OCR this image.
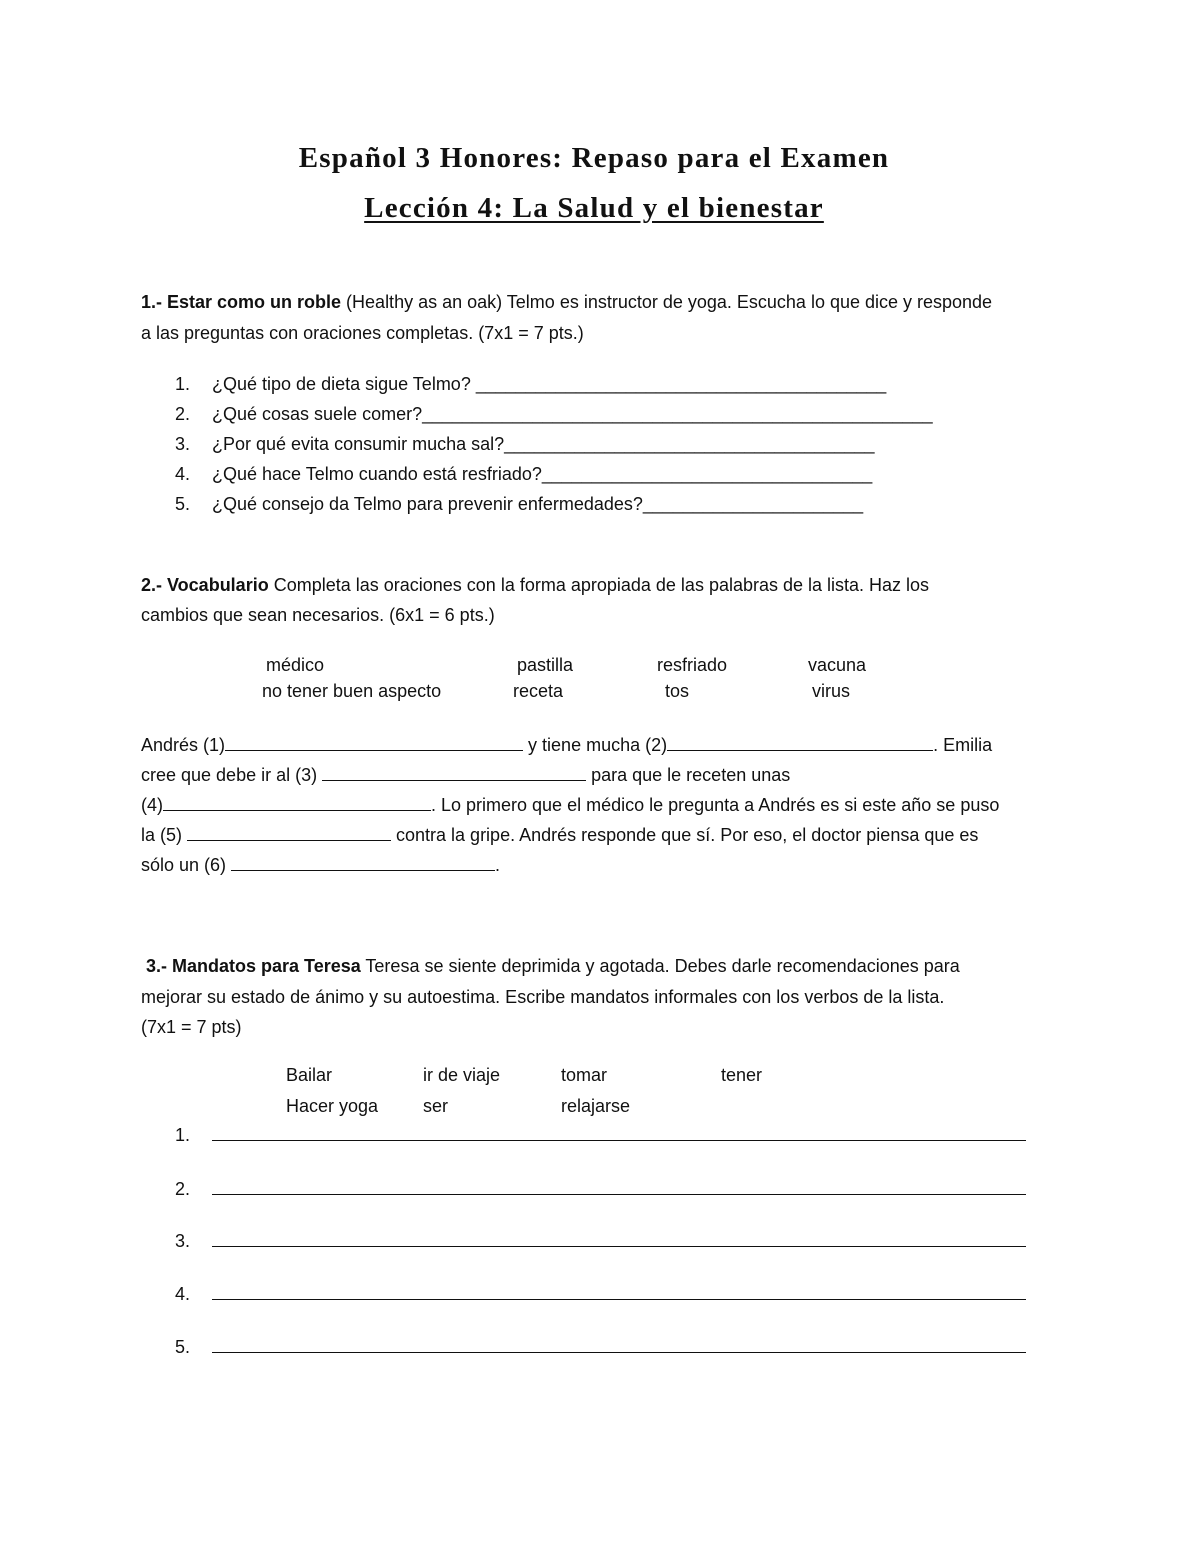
Español 3 Honores: Repaso para el Examen
Lección 4: La Salud y el bienestar

1.- Estar como un roble (Healthy as an oak) Telmo es instructor de yoga. Escucha lo que dice y responde

a las preguntas con oraciones completas. (7x1 = 7 pts.)

1. ¿Qué tipo de dieta sigue Telmo? _________________________________________
2. ¿Qué cosas suele comer?___________________________________________________
3. ¿Por qué evita consumir mucha sal?_____________________________________
4. ¿Qué hace Telmo cuando está resfriado?_________________________________
5. ¿Qué consejo da Telmo para prevenir enfermedades?______________________

2.- Vocabulario Completa las oraciones con la forma apropiada de las palabras de la lista. Haz los

cambios que sean necesarios. (6x1 = 6 pts.)

médico	pastilla	resfriado	vacuna
no tener buen aspecto	receta	tos	virus
Andrés (1)	y tiene mucha (2)	. Emilia
cree que debe ir al (3)	para que le receten unas
(4)	. Lo primero que el médico le pregunta a Andrés es si este año se puso
la (5)	contra la gripe. Andrés responde que sí. Por eso, el doctor piensa que es
sólo un (6)	.

3.- Mandatos para Teresa Teresa se siente deprimida y agotada. Debes darle recomendaciones para

mejorar su estado de ánimo y su autoestima. Escribe mandatos informales con los verbos de la lista.

(7x1 = 7 pts)

Bailar	ir de viaje	tomar	tener
Hacer yoga ser	relajarse
1.
2.
3.
4.
5.
